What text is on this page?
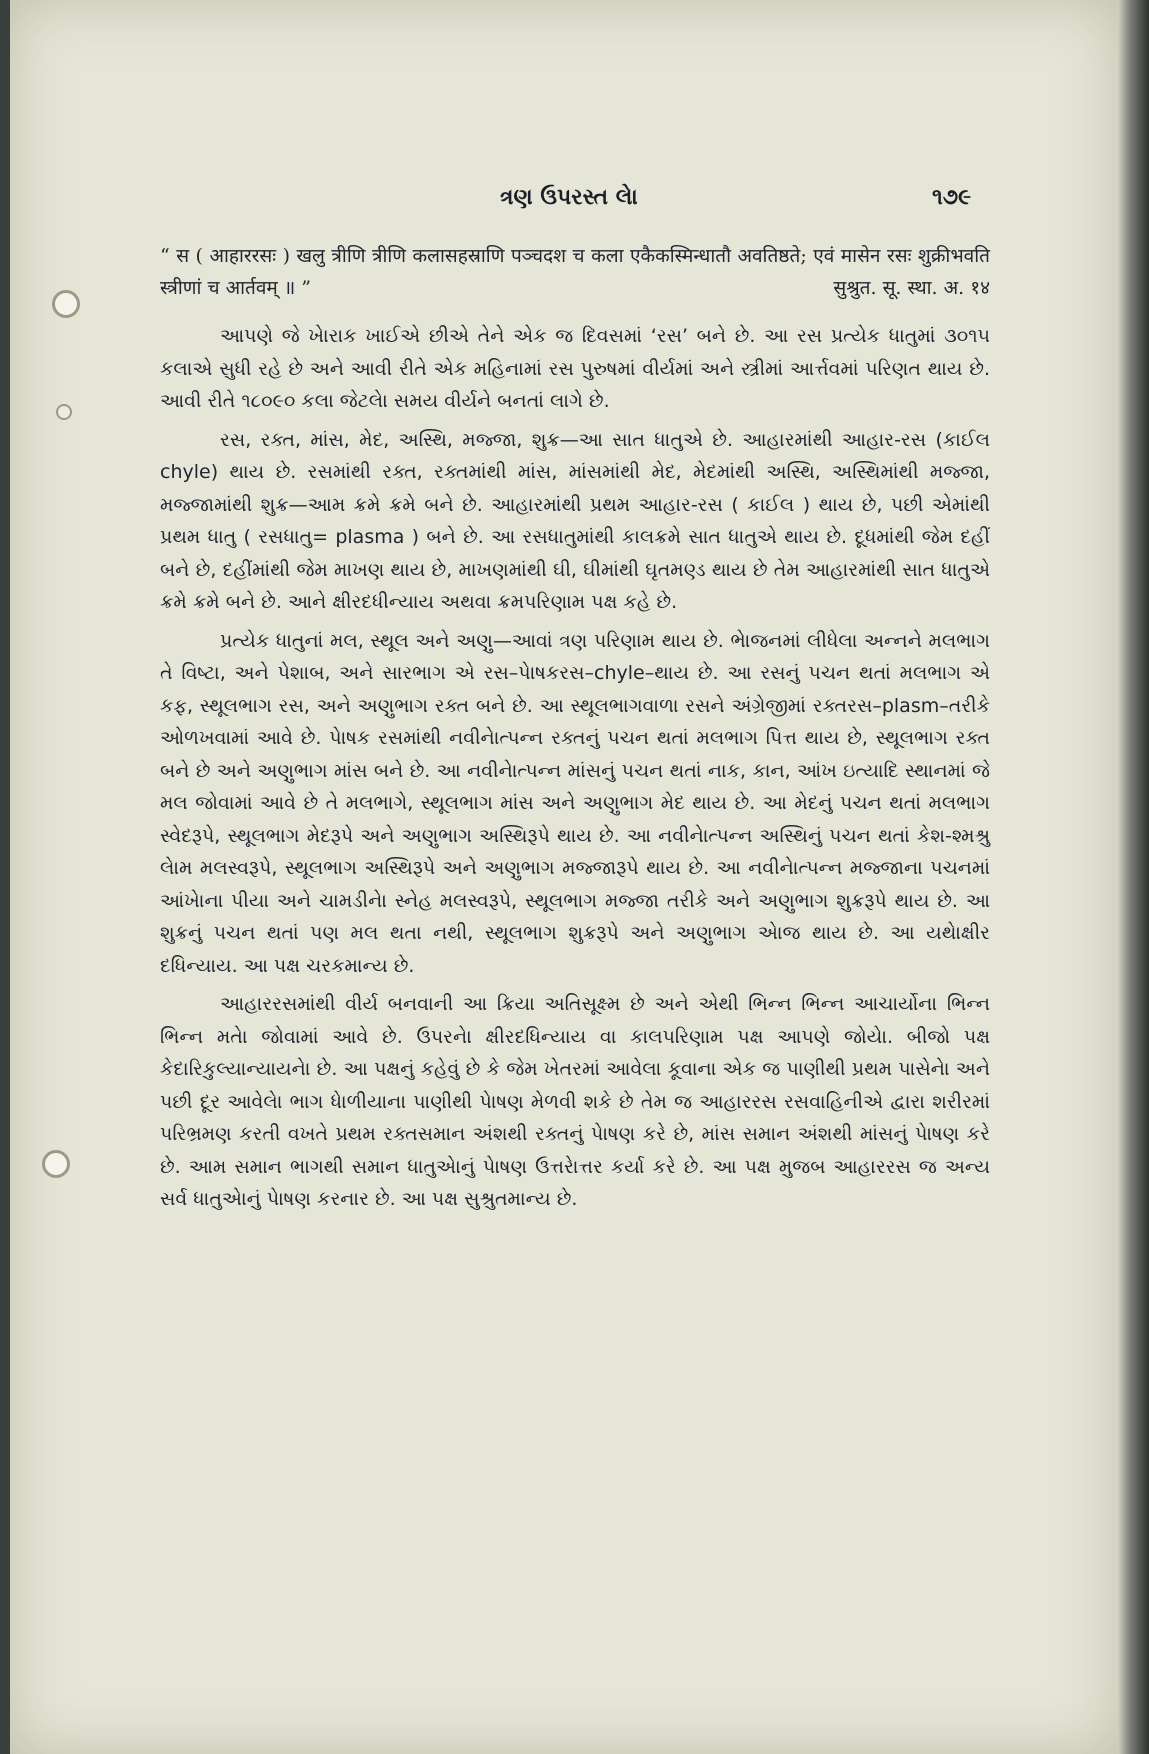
ત્રણ ઉપરસ્ત લેા	૧૭૯
“ स ( आहाररसः ) खलु त्रीणि त्रीणि कलासहस्राणि पञ्चदश च कला एकैकस्मिन्धातौ अवतिष्ठते; एवं मासेन रसः शुक्रीभवति स्त्रीणां च आर्तवम् ॥ ”	सुश्रुत. सू. स्था. अ. १४

આપણે જે ખેારાક ખાઈએ છીએ તેને એક જ દિવસમાં ‘રસ’ બને છે. આ રસ પ્રત્યેક ધાતુમાં ૩૦૧૫ કલાએ સુધી રહે છે અને આવી રીતે એક મહિનામાં રસ પુરુષમાં વીર્યમાં અને સ્ત્રીમાં આર્ત્તવમાં પરિણત થાય છે. આવી રીતે ૧૮૦૯૦ કલા જેટલેા સમય વીર્યને બનતાં લાગે છે.

રસ, રક્ત, માંસ, મેદ, અસ્થિ, મજ્જા, શુક્ર—આ સાત ધાતુએ છે. આહારમાંથી આહાર-રસ (કાઈલ chyle) થાય છે. રસમાંથી રક્ત, રક્તમાંથી માંસ, માંસમાંથી મેદ, મેદમાંથી અસ્થિ, અસ્થિમાંથી મજ્જા, મજ્જામાંથી શુક્ર—આમ ક્રમે ક્રમે બને છે. આહારમાંથી પ્રથમ આહાર-રસ ( કાઈલ ) થાય છે, પછી એમાંથી પ્રથમ ધાતુ ( રસધાતુ= plasma ) બને છે. આ રસધાતુમાંથી કાલક્રમે સાત ધાતુએ થાય છે. દૂધમાંથી જેમ દહીં બને છે, દહીંમાંથી જેમ માખણ થાય છે, માખણમાંથી ઘી, ઘીમાંથી ઘૃતમણ્ડ થાય છે તેમ આહારમાંથી સાત ધાતુએ ક્રમે ક્રમે બને છે. આને ક્ષીરદધીન્યાય અથવા ક્રમપરિણામ પક્ષ કહે છે.

પ્રત્યેક ધાતુનાં મલ, સ્થૂલ અને અણુ—આવાં ત્રણ પરિણામ થાય છે. ભેાજનમાં લીધેલા અન્નને મલભાગ તે વિષ્ટા, અને પેશાબ, અને સારભાગ એ રસ–પેાષકરસ–chyle–થાય છે. આ રસનું પચન થતાં મલભાગ એ કફ, સ્થૂલભાગ રસ, અને અણુભાગ રક્ત બને છે. આ સ્થૂલભાગવાળા રસને અંગ્રેજીમાં રક્તરસ–plasm–તરીકે ઓળખવામાં આવે છે. પેાષક રસમાંથી નવીનેાત્પન્ન રક્તનું પચન થતાં મલભાગ પિત્ત થાય છે, સ્થૂલભાગ રક્ત બને છે અને અણુભાગ માંસ બને છે. આ નવીનેાત્પન્ન માંસનું પચન થતાં નાક, કાન, આંખ ઇત્યાદિ સ્થાનમાં જે મલ જોવામાં આવે છે તે મલભાગે, સ્થૂલભાગ માંસ અને અણુભાગ મેદ થાય છે. આ મેદનું પચન થતાં મલભાગ સ્વેદરૂપે, સ્થૂલભાગ મેદરૂપે અને અણુભાગ અસ્થિરૂપે થાય છે. આ નવીનેાત્પન્ન અસ્થિનું પચન થતાં કેશ-શ્મશ્રુ લેામ મલસ્વરૂપે, સ્થૂલભાગ અસ્થિરૂપે અને અણુભાગ મજ્જારૂપે થાય છે. આ નવીનેાત્પન્ન મજ્જાના પચનમાં આંખેાના પીયા અને ચામડીનેા સ્નેહ મલસ્વરૂપે, સ્થૂલભાગ મજ્જા તરીકે અને અણુભાગ શુક્રરૂપે થાય છે. આ શુક્રનું પચન થતાં પણ મલ થતા નથી, સ્થૂલભાગ શુક્રરૂપે અને અણુભાગ એાજ થાય છે. આ યથેાક્ષીર દધિન્યાય. આ પક્ષ ચરકમાન્ય છે.

આહારરસમાંથી વીર્ય બનવાની આ ક્રિયા અતિસૂક્ષ્મ છે અને એથી ભિન્ન ભિન્ન આચાર્યોના ભિન્ન ભિન્ન મતેા જોવામાં આવે છે. ઉપરનેા ક્ષીરદધિન્યાય વા કાલપરિણામ પક્ષ આપણે જોયેા. બીજો પક્ષ કેદારિકુલ્યાન્યાયનેા છે. આ પક્ષનું કહેવું છે કે જેમ ખેતરમાં આવેલા કૂવાના એક જ પાણીથી પ્રથમ પાસેનેા અને પછી દૂર આવેલેા ભાગ ધેાળીયાના પાણીથી પેાષણ મેળવી શકે છે તેમ જ આહારરસ રસવાહિનીએ દ્વારા શરીરમાં પરિભ્રમણ કરતી વખતે પ્રથમ રક્તસમાન અંશથી રક્તનું પેાષણ કરે છે, માંસ સમાન અંશથી માંસનું પેાષણ કરે છે. આમ સમાન ભાગથી સમાન ધાતુએાનું પેાષણ ઉત્તરેાત્તર કર્યા કરે છે. આ પક્ષ મુજબ આહારરસ જ અન્ય સર્વ ધાતુએાનું પેાષણ કરનાર છે. આ પક્ષ સુશ્રુતમાન્ય છે.
